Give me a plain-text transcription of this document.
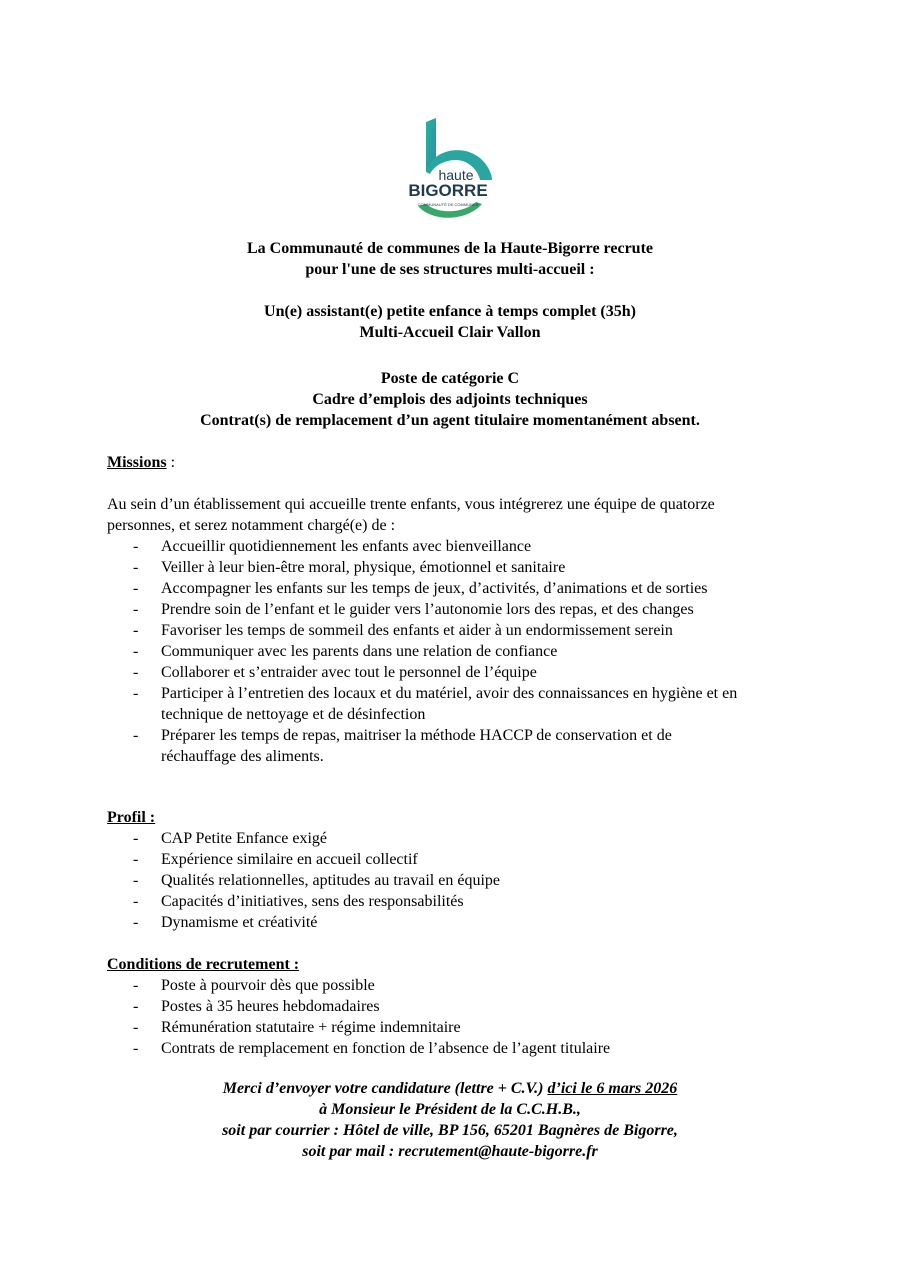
haute
BIGORRE
COMMUNAUTÉ DE COMMUNES
La Communauté de communes de la Haute-Bigorre recrute
pour l'une de ses structures multi-accueil :
Un(e) assistant(e) petite enfance à temps complet (35h)
Multi-Accueil Clair Vallon
Poste de catégorie C
Cadre d’emplois des adjoints techniques
Contrat(s) de remplacement d’un agent titulaire momentanément absent.
Missions :
Au sein d’un établissement qui accueille trente enfants, vous intégrerez une équipe de quatorze personnes, et serez notamment chargé(e) de :
- Accueillir quotidiennement les enfants avec bienveillance
- Veiller à leur bien-être moral, physique, émotionnel et sanitaire
- Accompagner les enfants sur les temps de jeux, d’activités, d’animations et de sorties
- Prendre soin de l’enfant et le guider vers l’autonomie lors des repas, et des changes
- Favoriser les temps de sommeil des enfants et aider à un endormissement serein
- Communiquer avec les parents dans une relation de confiance
- Collaborer et s’entraider avec tout le personnel de l’équipe
- Participer à l’entretien des locaux et du matériel, avoir des connaissances en hygiène et en technique de nettoyage et de désinfection
- Préparer les temps de repas, maitriser la méthode HACCP de conservation et de réchauffage des aliments.
Profil :
- CAP Petite Enfance exigé
- Expérience similaire en accueil collectif
- Qualités relationnelles, aptitudes au travail en équipe
- Capacités d’initiatives, sens des responsabilités
- Dynamisme et créativité
Conditions de recrutement :
- Poste à pourvoir dès que possible
- Postes à 35 heures hebdomadaires
- Rémunération statutaire + régime indemnitaire
- Contrats de remplacement en fonction de l’absence de l’agent titulaire
Merci d’envoyer votre candidature (lettre + C.V.) d’ici le 6 mars 2026
à Monsieur le Président de la C.C.H.B.,
soit par courrier : Hôtel de ville, BP 156, 65201 Bagnères de Bigorre,
soit par mail : recrutement@haute-bigorre.fr
